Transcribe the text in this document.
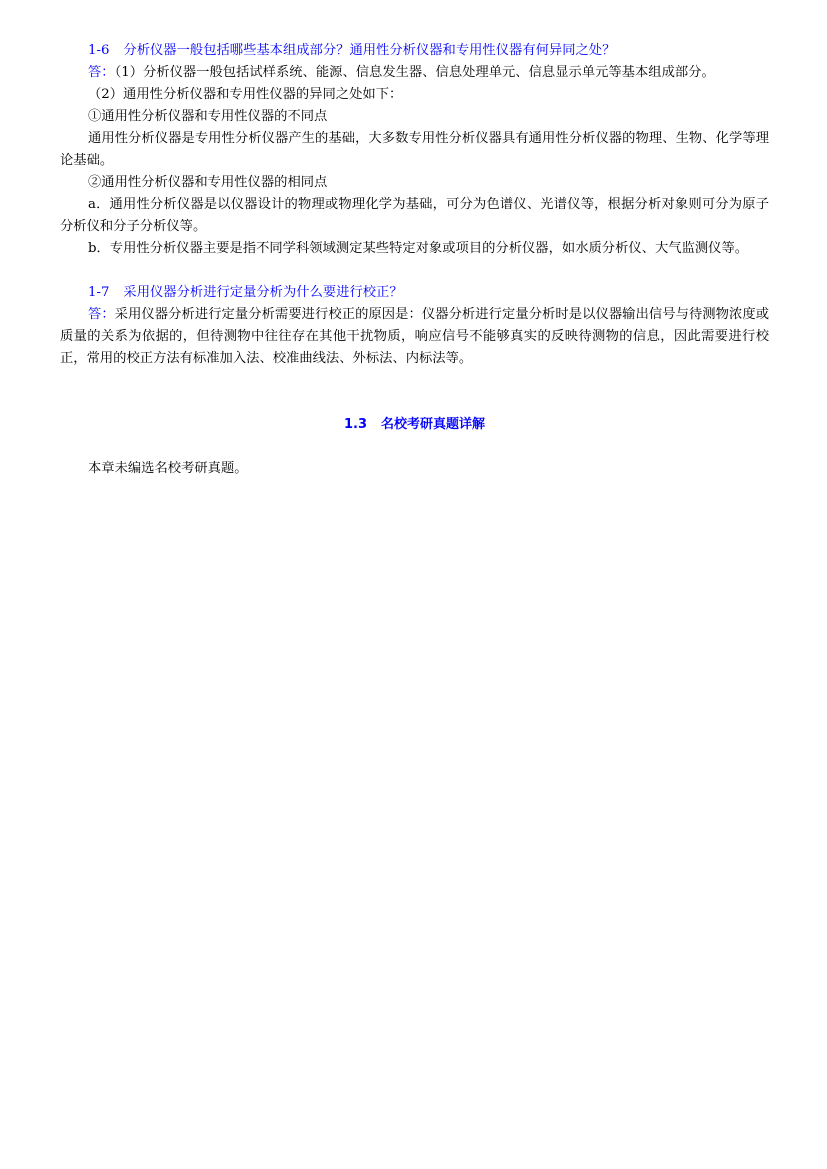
1-6 分析仪器一般包括哪些基本组成部分？通用性分析仪器和专用性仪器有何异同之处？

答：（1）分析仪器一般包括试样系统、能源、信息发生器、信息处理单元、信息显示单元等基本组成部分。

（2）通用性分析仪器和专用性仪器的异同之处如下：

①通用性分析仪器和专用性仪器的不同点

通用性分析仪器是专用性分析仪器产生的基础，大多数专用性分析仪器具有通用性分析仪器的物理、生物、化学等理论基础。

②通用性分析仪器和专用性仪器的相同点

a．通用性分析仪器是以仪器设计的物理或物理化学为基础，可分为色谱仪、光谱仪等，根据分析对象则可分为原子分析仪和分子分析仪等。

b．专用性分析仪器主要是指不同学科领域测定某些特定对象或项目的分析仪器，如水质分析仪、大气监测仪等。

1-7 采用仪器分析进行定量分析为什么要进行校正？

答：采用仪器分析进行定量分析需要进行校正的原因是：仪器分析进行定量分析时是以仪器输出信号与待测物浓度或质量的关系为依据的，但待测物中往往存在其他干扰物质，响应信号不能够真实的反映待测物的信息，因此需要进行校正，常用的校正方法有标准加入法、校准曲线法、外标法、内标法等。

1.3 名校考研真题详解

本章未编选名校考研真题。
